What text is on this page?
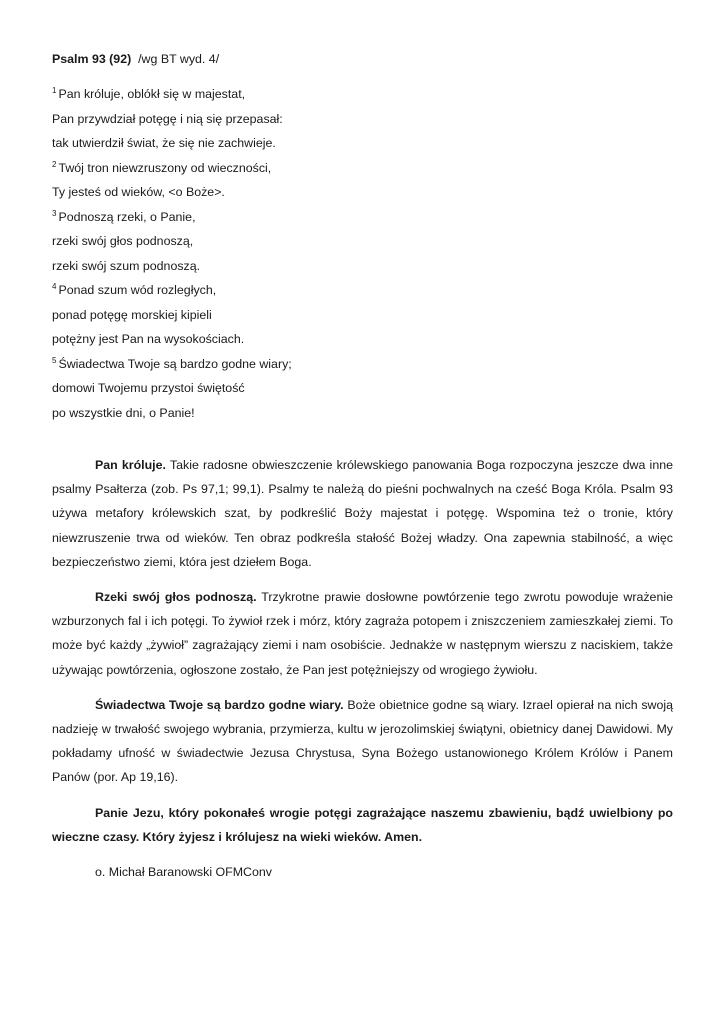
Psalm 93 (92) /wg BT wyd. 4/
$^1$ Pan króluje, oblókł się w majestat,
Pan przywdział potęgę i nią się przepasał:
tak utwierdził świat, że się nie zachwieje.
$^2$ Twój tron niewzruszony od wieczności,
Ty jesteś od wieków, <o Boże>.
$^3$ Podnoszą rzeki, o Panie,
rzeki swój głos podnoszą,
rzeki swój szum podnoszą.
$^4$ Ponad szum wód rozległych,
ponad potęgę morskiej kipieli
potężny jest Pan na wysokościach.
$^5$ Świadectwa Twoje są bardzo godne wiary;
domowi Twojemu przystoi świętość
po wszystkie dni, o Panie!

Pan króluje. Takie radosne obwieszczenie królewskiego panowania Boga rozpoczyna jeszcze dwa inne psalmy Psałterza (zob. Ps 97,1; 99,1). Psalmy te należą do pieśni pochwalnych na cześć Boga Króla. Psalm 93 używa metafory królewskich szat, by podkreślić Boży majestat i potęgę. Wspomina też o tronie, który niewzruszenie trwa od wieków. Ten obraz podkreśla stałość Bożej władzy. Ona zapewnia stabilność, a więc bezpieczeństwo ziemi, która jest dziełem Boga.

Rzeki swój głos podnoszą. Trzykrotne prawie dosłowne powtórzenie tego zwrotu powoduje wrażenie wzburzonych fal i ich potęgi. To żywioł rzek i mórz, który zagraża potopem i zniszczeniem zamieszkałej ziemi. To może być każdy „żywioł” zagrażający ziemi i nam osobiście. Jednakże w następnym wierszu z naciskiem, także używając powtórzenia, ogłoszone zostało, że Pan jest potężniejszy od wrogiego żywiołu.

Świadectwa Twoje są bardzo godne wiary. Boże obietnice godne są wiary. Izrael opierał na nich swoją nadzieję w trwałość swojego wybrania, przymierza, kultu w jerozolimskiej świątyni, obietnicy danej Dawidowi. My pokładamy ufność w świadectwie Jezusa Chrystusa, Syna Bożego ustanowionego Królem Królów i Panem Panów (por. Ap 19,16).

Panie Jezu, który pokonałeś wrogie potęgi zagrażające naszemu zbawieniu, bądź uwielbiony po wieczne czasy. Który żyjesz i królujesz na wieki wieków. Amen.

o. Michał Baranowski OFMConv
